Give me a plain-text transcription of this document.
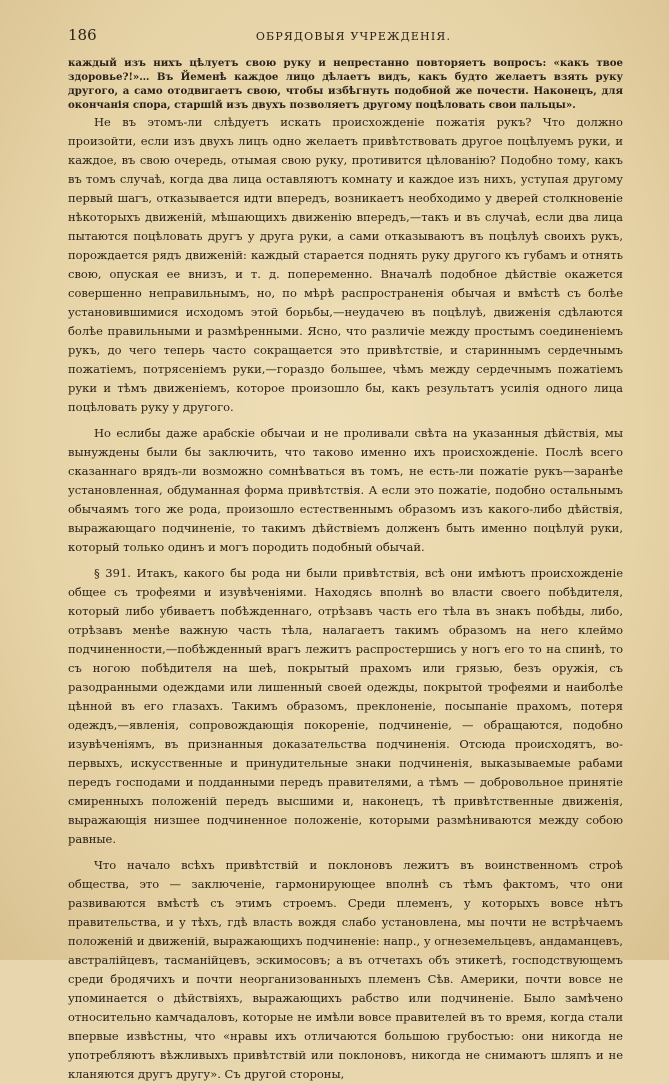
186	ОБРЯДОВЫЯ УЧРЕЖДЕНІЯ.

каждый изъ нихъ цѣлуетъ свою руку и непрестанно повторяетъ вопросъ: «какъ твое здоровье?!»… Въ Йеменѣ каждое лицо дѣлаетъ видъ, какъ будто желаетъ взять руку другого, а само отодвигаетъ свою, чтобы избѣгнуть подобной же почести. Наконецъ, для окончанія спора, старшій изъ двухъ позволяетъ другому поцѣловать свои пальцы».

Не въ этомъ-ли слѣдуетъ искать происхожденіе пожатія рукъ? Что должно произойти, если изъ двухъ лицъ одно желаетъ привѣтствовать другое поцѣлуемъ руки, и каждое, въ свою очередь, отымая свою руку, противится цѣлованію? Подобно тому, какъ въ томъ случаѣ, когда два лица оставляютъ комнату и каждое изъ нихъ, уступая другому первый шагъ, отказывается идти впередъ, возникаетъ необходимо у дверей столкновеніе нѣкоторыхъ движеній, мѣшающихъ движенію впередъ,—такъ и въ случаѣ, если два лица пытаются поцѣловать другъ у друга руки, а сами отказываютъ въ поцѣлуѣ своихъ рукъ, порождается рядъ движеній: каждый старается поднять руку другого къ губамъ и отнять свою, опуская ее внизъ, и т. д. попеременно. Вначалѣ подобное дѣйствіе окажется совершенно неправильнымъ, но, по мѣрѣ распространенія обычая и вмѣстѣ съ болѣе установившимися исходомъ этой борьбы,—неудачею въ поцѣлуѣ, движенія сдѣлаются болѣе правильными и размѣренными. Ясно, что различіе между простымъ соединеніемъ рукъ, до чего теперь часто сокращается это привѣтствіе, и стариннымъ сердечнымъ пожатіемъ, потрясеніемъ руки,—гораздо большее, чѣмъ между сердечнымъ пожатіемъ руки и тѣмъ движеніемъ, которое произошло бы, какъ результатъ усилія одного лица поцѣловать руку у другого.

Но еслибы даже арабскіе обычаи и не проливали свѣта на указанныя дѣйствія, мы вынуждены были бы заключить, что таково именно ихъ происхожденіе. Послѣ всего сказаннаго врядъ-ли возможно сомнѣваться въ томъ, не есть-ли пожатіе рукъ—заранѣе установленная, обдуманная форма привѣтствія. А если это пожатіе, подобно остальнымъ обычаямъ того же рода, произошло естественнымъ образомъ изъ какого-либо дѣйствія, выражающаго подчиненіе, то такимъ дѣйствіемъ долженъ быть именно поцѣлуй руки, который только одинъ и могъ породить подобный обычай.

§ 391. Итакъ, какого бы рода ни были привѣтствія, всѣ они имѣютъ происхожденіе общее съ трофеями и изувѣченіями. Находясь вполнѣ во власти своего побѣдителя, который либо убиваетъ побѣжденнаго, отрѣзавъ часть его тѣла въ знакъ побѣды, либо, отрѣзавъ менѣе важную часть тѣла, налагаетъ такимъ образомъ на него клеймо подчиненности,—побѣжденный врагъ лежитъ распростершись у ногъ его то на спинѣ, то съ ногою побѣдителя на шеѣ, покрытый прахомъ или грязью, безъ оружія, съ разодранными одеждами или лишенный своей одежды, покрытой трофеями и наиболѣе цѣнной въ его глазахъ. Такимъ образомъ, преклоненіе, посыпаніе прахомъ, потеря одеждъ,—явленія, сопровождающія покореніе, подчиненіе, — обращаются, подобно изувѣченіямъ, въ признанныя доказательства подчиненія. Отсюда происходятъ, во-первыхъ, искусственные и принудительные знаки подчиненія, выказываемые рабами передъ господами и подданными передъ правителями, а тѣмъ — добровольное принятіе смиренныхъ положеній передъ высшими и, наконецъ, тѣ привѣтственные движенія, выражающія низшее подчиненное положеніе, которыми размѣниваются между собою равные.

Что начало всѣхъ привѣтствій и поклоновъ лежитъ въ воинственномъ строѣ общества, это — заключеніе, гармонирующее вполнѣ съ тѣмъ фактомъ, что они развиваются вмѣстѣ съ этимъ строемъ. Среди племенъ, у которыхъ вовсе нѣтъ правительства, и у тѣхъ, гдѣ власть вождя слабо установлена, мы почти не встрѣчаемъ положеній и движеній, выражающихъ подчиненіе: напр., у огнеземельцевъ, андаманцевъ, австралійцевъ, тасманійцевъ, эскимосовъ; а въ отчетахъ объ этикетѣ, господствующемъ среди бродячихъ и почти неорганизованныхъ племенъ Сѣв. Америки, почти вовсе не упоминается о дѣйствіяхъ, выражающихъ рабство или подчиненіе. Было замѣчено относительно камчадаловъ, которые не имѣли вовсе правителей въ то время, когда стали впервые извѣстны, что «нравы ихъ отличаются большою грубостью: они никогда не употребляютъ вѣжливыхъ привѣтствій или поклоновъ, никогда не снимаютъ шляпъ и не кланяются другъ другу». Съ другой стороны,
